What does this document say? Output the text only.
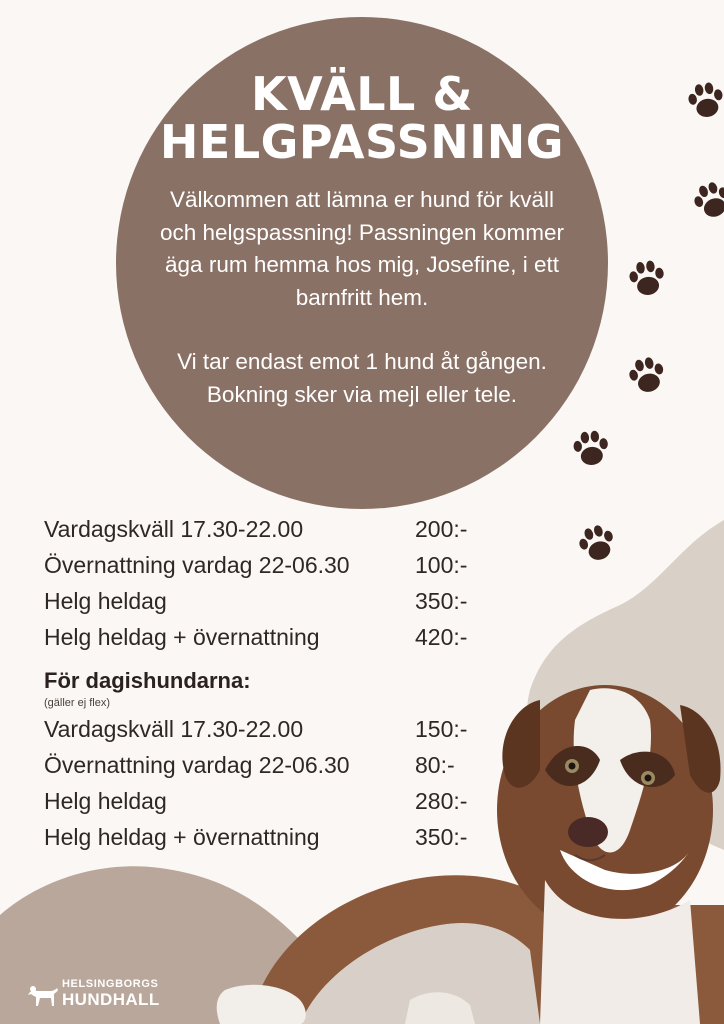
KVÄLL &
HELGPASSNING

Välkommen att lämna er hund för kväll och helgspassning! Passningen kommer äga rum hemma hos mig, Josefine, i ett barnfritt hem.

Vi tar endast emot 1 hund åt gången. Bokning sker via mejl eller tele.

Vardagskväll 17.30-22.00	200:-
Övernattning vardag 22-06.30	100:-
Helg heldag	350:-
Helg heldag + övernattning	420:-
För dagishundarna:
(gäller ej flex)
Vardagskväll 17.30-22.00	150:-
Övernattning vardag 22-06.30	80:-
Helg heldag	280:-
Helg heldag + övernattning	350:-
HELSINGBORGS
HUNDHALL
